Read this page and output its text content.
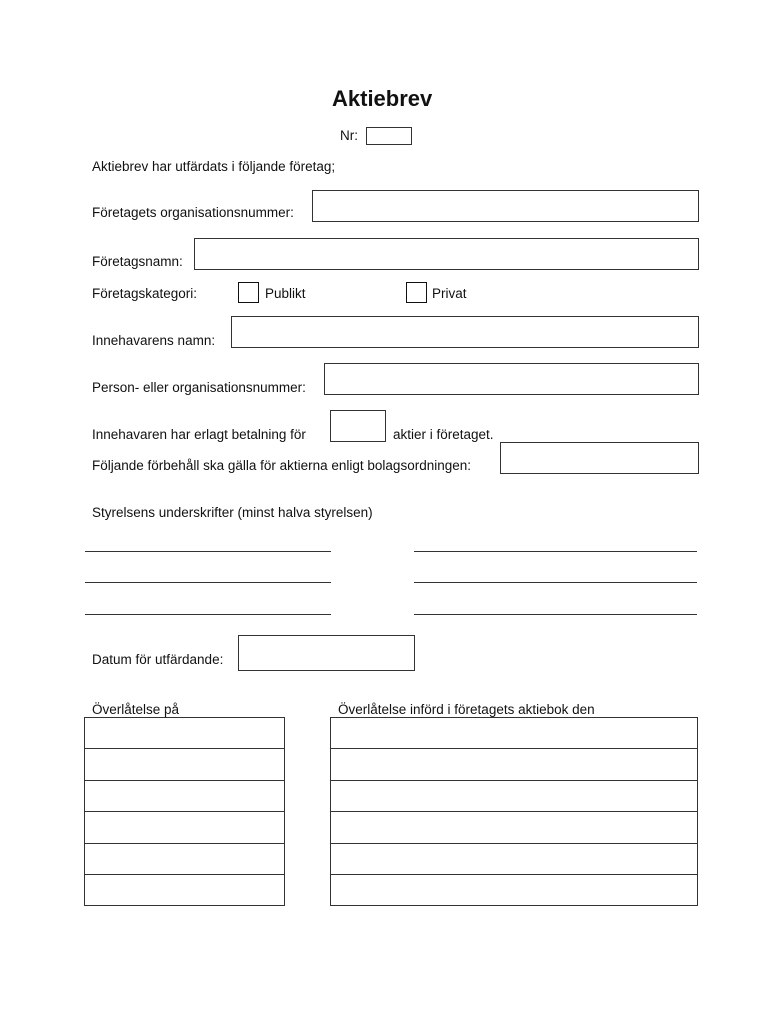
Aktiebrev
Nr:
Aktiebrev har utfärdats i följande företag;
Företagets organisationsnummer:
Företagsnamn:
Företagskategori:	Publikt	Privat
Innehavarens namn:
Person- eller organisationsnummer:
Innehavaren har erlagt betalning för	aktier i företaget.
Följande förbehåll ska gälla för aktierna enligt bolagsordningen:
Styrelsens underskrifter (minst halva styrelsen)
Datum för utfärdande:
Överlåtelse på	Överlåtelse införd i företagets aktiebok den
